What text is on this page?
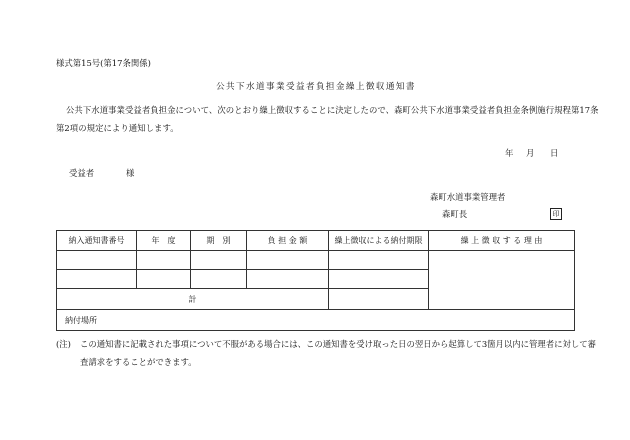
様式第15号(第17条関係)
公共下水道事業受益者負担金繰上徴収通知書
公共下水道事業受益者負担金について、次のとおり繰上徴収することに決定したので、森町公共下水道事業受益者負担金条例施行規程第17条
第2項の規定により通知します。
年 月 日
受益者	様
森町水道事業管理者
森町長	印
納入通知書番号	年　度	期　別	負 担 金 額	繰上徴収による納付期限	繰 上 徴 収 す る 理 由

計					
納付場所					
(注) この通知書に記載された事項について不服がある場合には、この通知書を受け取った日の翌日から起算して3箇月以内に管理者に対して審
査請求をすることができます。
